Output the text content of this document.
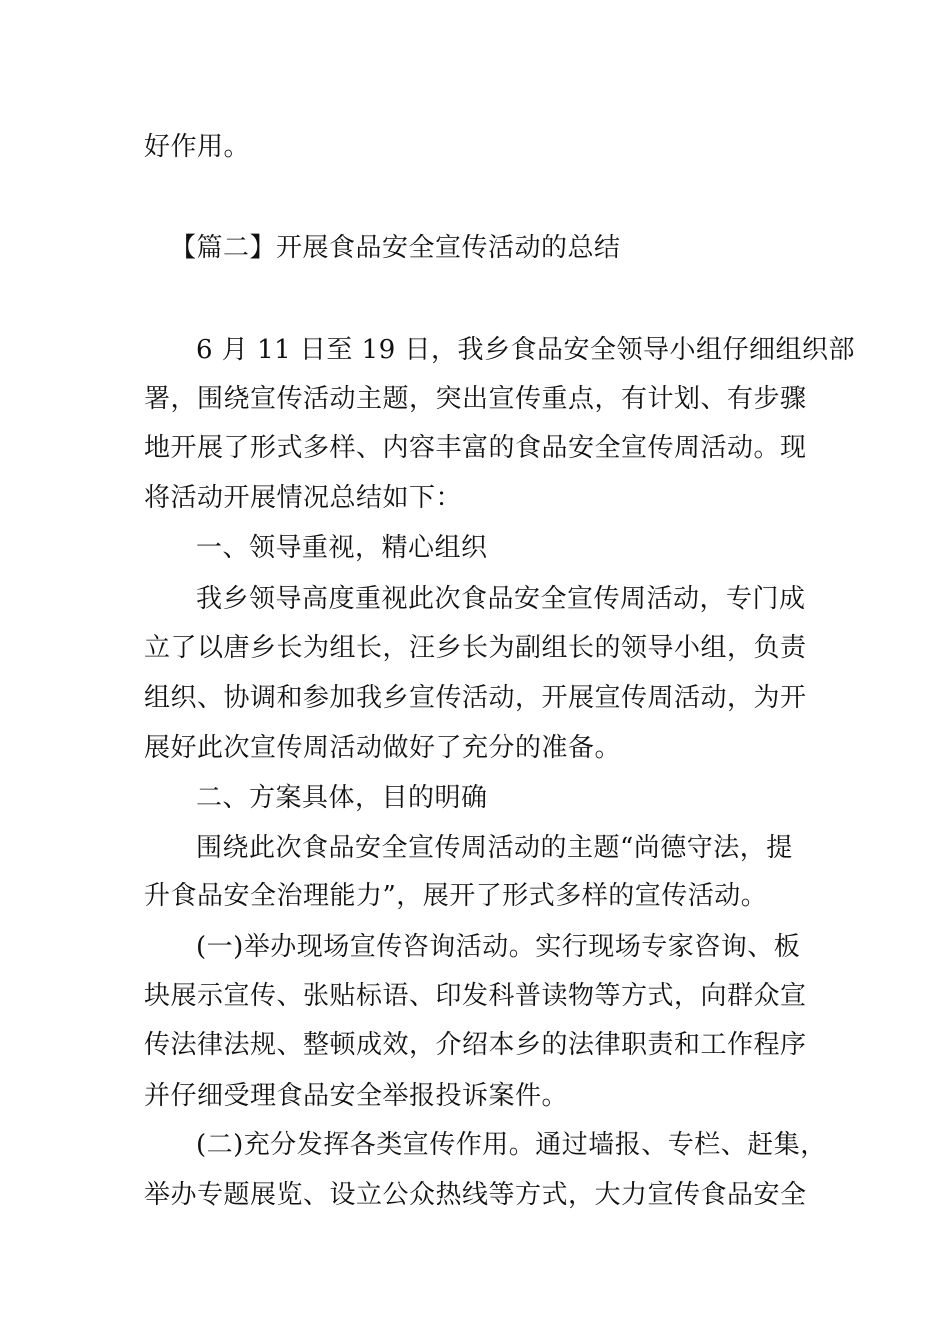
好作用。
【篇二】开展食品安全宣传活动的总结
6 月 11 日至 19 日，我乡食品安全领导小组仔细组织部
署，围绕宣传活动主题，突出宣传重点，有计划、有步骤
地开展了形式多样、内容丰富的食品安全宣传周活动。现
将活动开展情况总结如下：
一、领导重视，精心组织
我乡领导高度重视此次食品安全宣传周活动，专门成
立了以唐乡长为组长，汪乡长为副组长的领导小组，负责
组织、协调和参加我乡宣传活动，开展宣传周活动，为开
展好此次宣传周活动做好了充分的准备。
二、方案具体，目的明确
围绕此次食品安全宣传周活动的主题“尚德守法，提
升食品安全治理能力”，展开了形式多样的宣传活动。
(一)举办现场宣传咨询活动。实行现场专家咨询、板
块展示宣传、张贴标语、印发科普读物等方式，向群众宣
传法律法规、整顿成效，介绍本乡的法律职责和工作程序
并仔细受理食品安全举报投诉案件。
(二)充分发挥各类宣传作用。通过墙报、专栏、赶集，
举办专题展览、设立公众热线等方式，大力宣传食品安全
